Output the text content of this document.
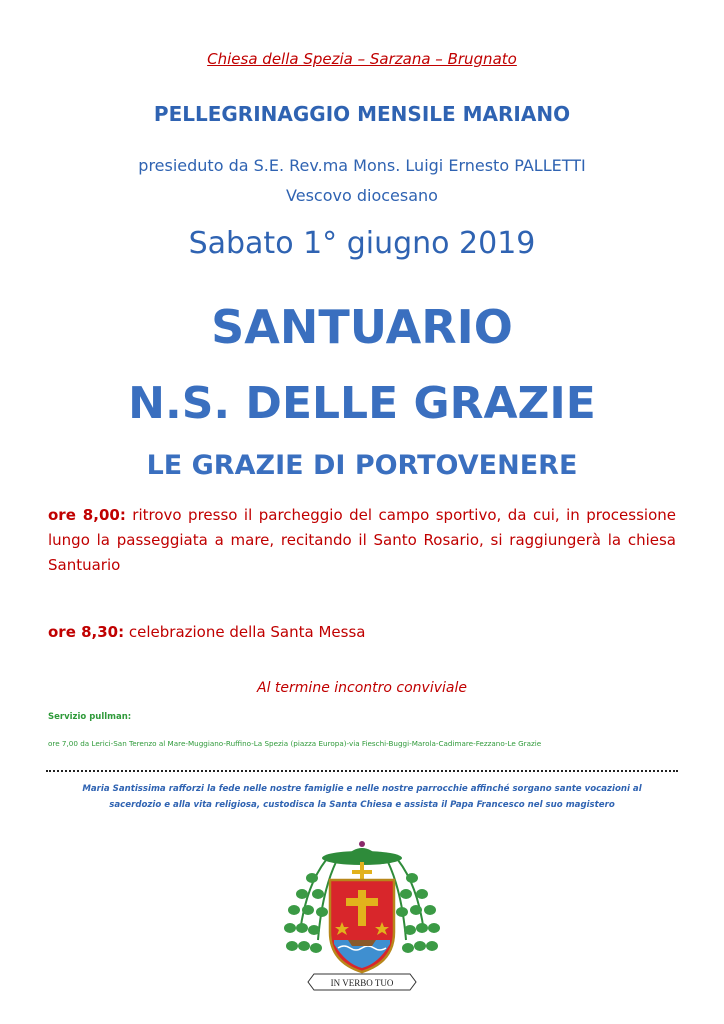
Chiesa della Spezia – Sarzana – Brugnato
PELLEGRINAGGIO MENSILE MARIANO
presieduto da S.E. Rev.ma Mons. Luigi Ernesto PALLETTI
Vescovo diocesano
Sabato 1° giugno 2019
SANTUARIO
N.S. DELLE GRAZIE
LE GRAZIE DI PORTOVENERE
ore 8,00: ritrovo presso il parcheggio del campo sportivo, da cui, in processione lungo la passeggiata a mare, recitando il Santo Rosario, si raggiungerà la chiesa Santuario
ore 8,30: celebrazione della Santa Messa
Al termine incontro conviviale
Servizio pullman:
ore 7,00 da Lerici-San Terenzo al Mare-Muggiano-Ruffino-La Spezia (piazza Europa)-via Fieschi-Buggi-Marola-Cadimare-Fezzano-Le Grazie
Maria Santissima rafforzi la fede nelle nostre famiglie e nelle nostre parrocchie affinché sorgano sante vocazioni al
sacerdozio e alla vita religiosa, custodisca la Santa Chiesa e assista il Papa Francesco nel suo magistero
IN VERBO TUO
